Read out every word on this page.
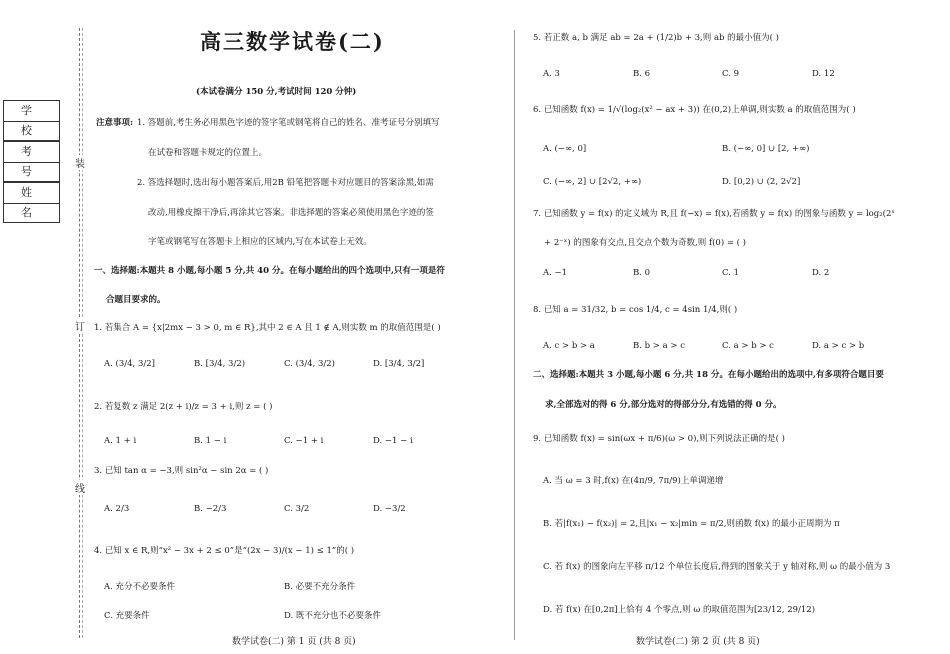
学 校
考 号
姓 名
装
订
线
高三数学试卷(二)
(本试卷满分 150 分,考试时间 120 分钟)
注意事项: 1. 答题前,考生务必用黑色字迹的签字笔或钢笔将自己的姓名、准考证号分别填写
在试卷和答题卡规定的位置上。
2. 答选择题时,选出每小题答案后,用2B 铅笔把答题卡对应题目的答案涂黑,如需
改动,用橡皮擦干净后,再涂其它答案。非选择题的答案必须使用黑色字迹的签
字笔或钢笔写在答题卡上相应的区域内,写在本试卷上无效。
一、选择题:本题共 8 小题,每小题 5 分,共 40 分。在每小题给出的四个选项中,只有一项是符
合题目要求的。
1. 若集合 A = {x|2mx − 3 > 0, m ∈ R},其中 2 ∈ A 且 1 ∉ A,则实数 m 的取值范围是( )
A. (3/4, 3/2]	B. [3/4, 3/2)	C. (3/4, 3/2)	D. [3/4, 3/2]
2. 若复数 z 满足 2(z + i)/z = 3 + i,则 z = ( )
A. 1 + i	B. 1 − i	C. −1 + i	D. −1 − i
3. 已知 tan α = −3,则 sin²α − sin 2α = ( )
A. 2/3	B. −2/3	C. 3/2	D. −3/2
4. 已知 x ∈ R,则“x² − 3x + 2 ≤ 0”是“(2x − 3)/(x − 1) ≤ 1”的( )
A. 充分不必要条件	B. 必要不充分条件
C. 充要条件	D. 既不充分也不必要条件
数学试卷(二) 第 1 页 (共 8 页)
5. 若正数 a, b 满足 ab = 2a + (1/2)b + 3,则 ab 的最小值为( )
A. 3	B. 6	C. 9	D. 12
6. 已知函数 f(x) = 1/√(log₂(x² − ax + 3)) 在(0,2)上单调,则实数 a 的取值范围为( )
A. (−∞, 0]	B. (−∞, 0] ∪ [2, +∞)
C. (−∞, 2] ∪ [2√2, +∞)	D. [0,2) ∪ (2, 2√2]
7. 已知函数 y = f(x) 的定义域为 R,且 f(−x) = f(x),若函数 y = f(x) 的图象与函数 y = log₂(2ˣ
+ 2⁻ˣ) 的图象有交点,且交点个数为奇数,则 f(0) = ( )
A. −1	B. 0	C. 1	D. 2
8. 已知 a = 31/32, b = cos 1/4, c = 4sin 1/4,则( )
A. c > b > a	B. b > a > c	C. a > b > c	D. a > c > b
二、选择题:本题共 3 小题,每小题 6 分,共 18 分。在每小题给出的选项中,有多项符合题目要
求,全部选对的得 6 分,部分选对的得部分分,有选错的得 0 分。
9. 已知函数 f(x) = sin(ωx + π/6)(ω > 0),则下列说法正确的是( )
A. 当 ω = 3 时,f(x) 在(4π/9, 7π/9)上单调递增
B. 若|f(x₁) − f(x₂)| = 2,且|x₁ − x₂|min = π/2,则函数 f(x) 的最小正周期为 π
C. 若 f(x) 的图象向左平移 π/12 个单位长度后,得到的图象关于 y 轴对称,则 ω 的最小值为 3
D. 若 f(x) 在[0,2π]上恰有 4 个零点,则 ω 的取值范围为[23/12, 29/12)
数学试卷(二) 第 2 页 (共 8 页)
